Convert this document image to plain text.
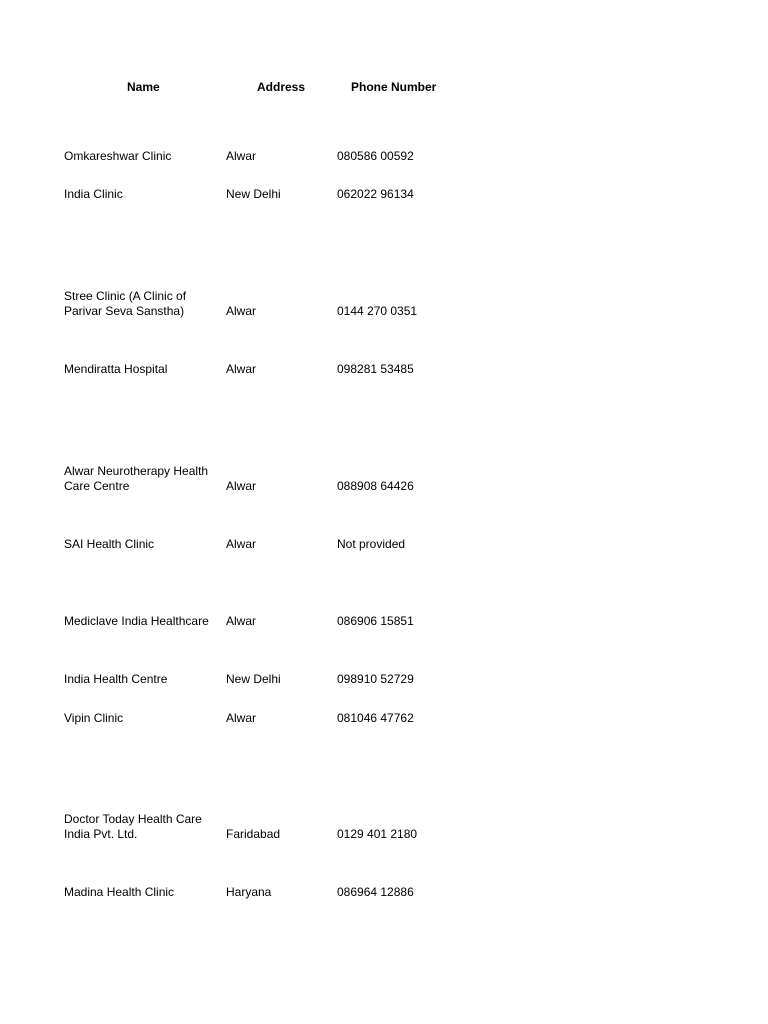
Name	Address	Phone Number
Omkareshwar Clinic	Alwar	080586 00592
India Clinic	New Delhi	062022 96134
Stree Clinic (A Clinic of Parivar Seva Sanstha)	Alwar	0144 270 0351
Mendiratta Hospital	Alwar	098281 53485
Alwar Neurotherapy Health Care Centre	Alwar	088908 64426
SAI Health Clinic	Alwar	Not provided
Mediclave India Healthcare	Alwar	086906 15851
India Health Centre	New Delhi	098910 52729
Vipin Clinic	Alwar	081046 47762
Doctor Today Health Care India Pvt. Ltd.	Faridabad	0129 401 2180
Madina Health Clinic	Haryana	086964 12886
